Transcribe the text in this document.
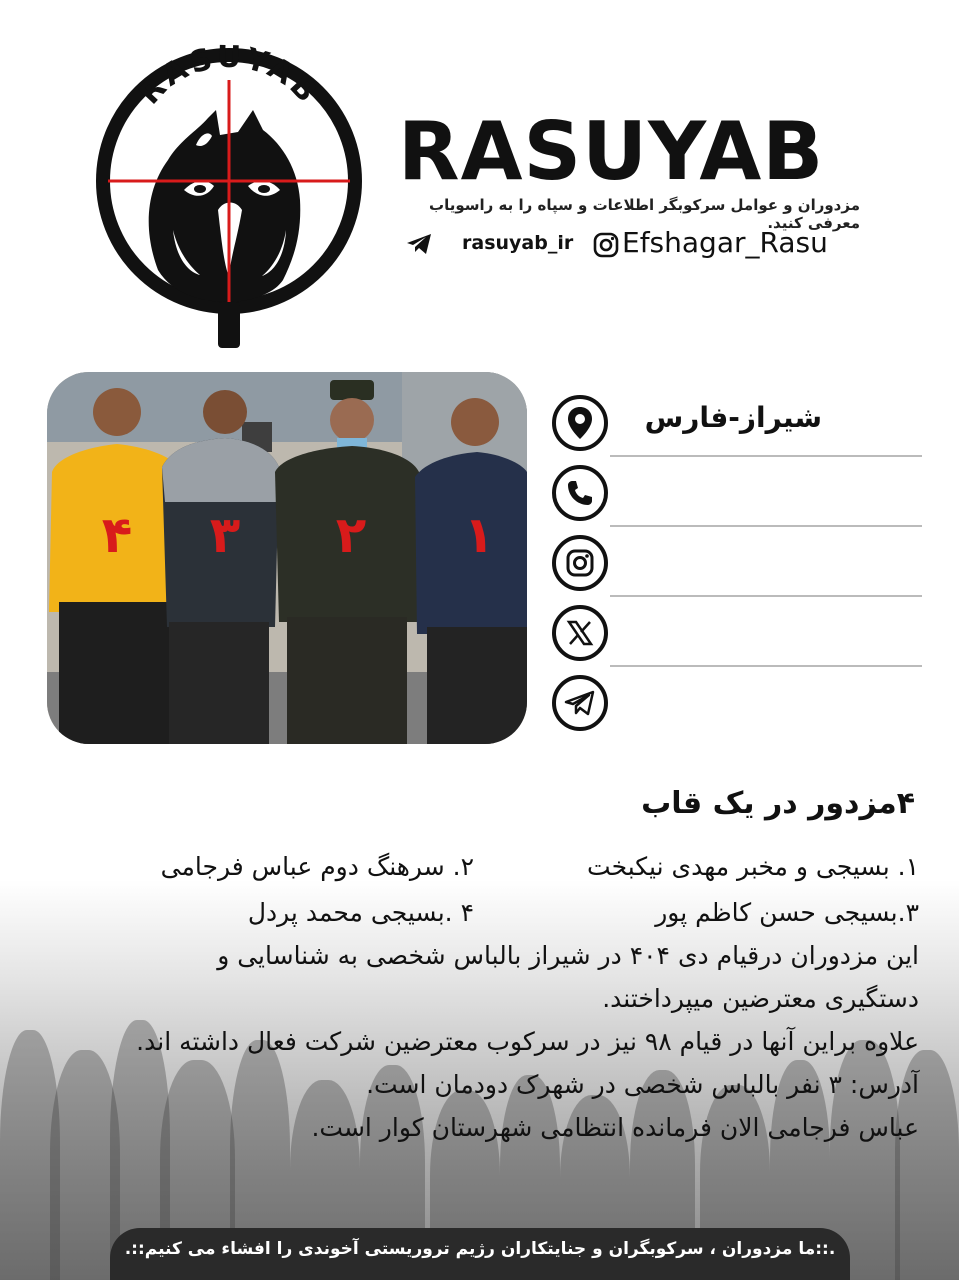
RASUYAB
RASUYAB
مزدوران و عوامل سرکوبگر اطلاعات و سپاه را به راسویاب معرفی کنید.
rasuyab_ir Efshagar_Rasu
۴ ۳ ۲ ۱
شیراز-فارس
۴مزدور در یک قاب
۱. بسیجی و مخبر مهدی نیکبخت
۲. سرهنگ دوم عباس فرجامی
۳.بسیجی حسن کاظم پور
۴ .بسیجی محمد پردل

این مزدوران درقیام دی ۴۰۴ در شیراز بالباس شخصی به شناسایی و

دستگیری معترضین میپرداختند.

علاوه براین آنها در قیام ۹۸ نیز در سرکوب معترضین شرکت فعال داشته اند.

آدرس: ۳ نفر بالباس شخصی در شهرک دودمان است.

عباس فرجامی الان فرمانده انتظامی شهرستان کوار است.

.::ما مزدوران ، سرکوبگران و جنایتکاران رژیم تروریستی آخوندی را افشاء می کنیم::.
